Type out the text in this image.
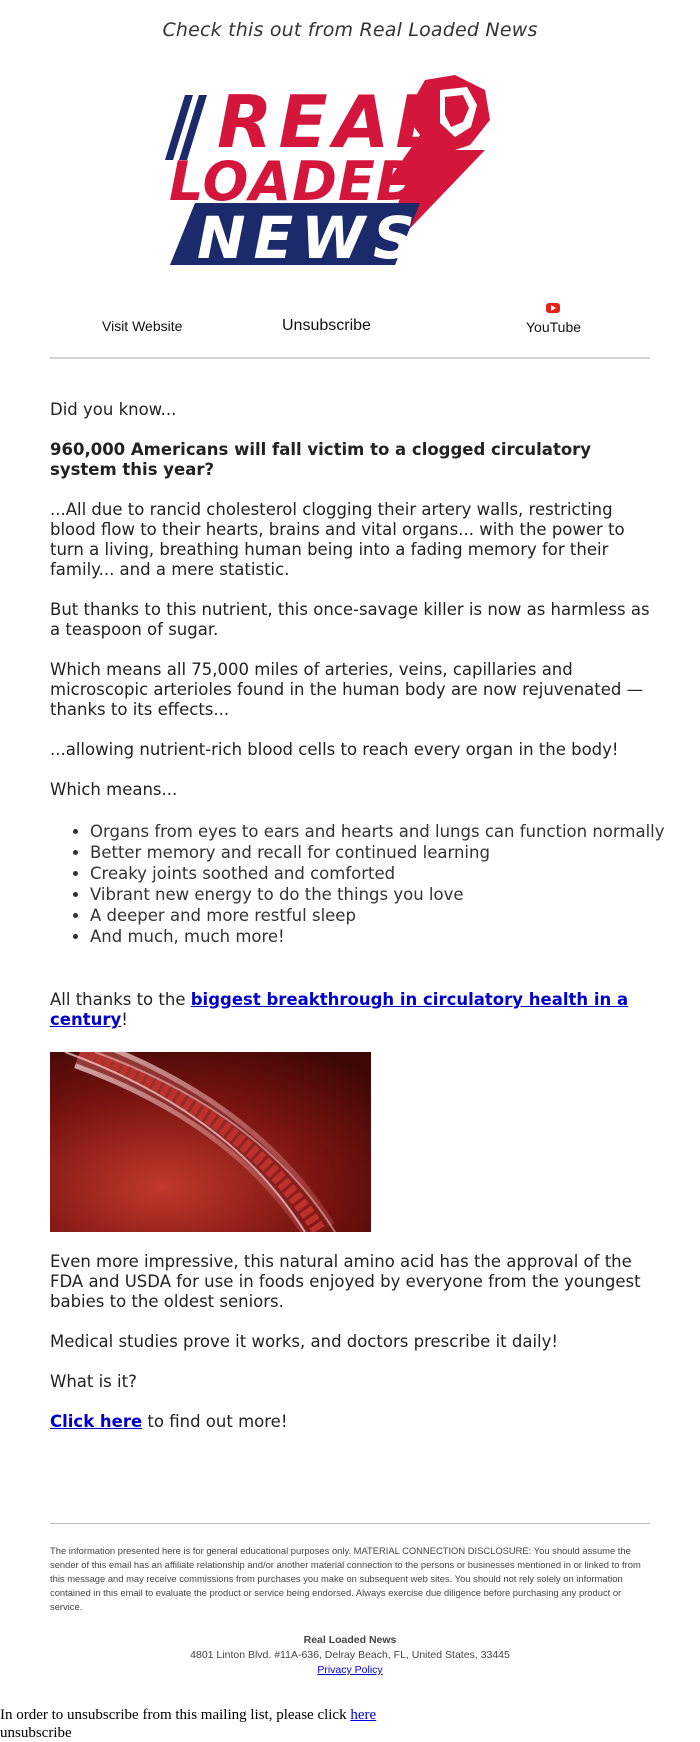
Check this out from Real Loaded News
REAL
LOADED
NEWS
Visit Website	Unsubscribe	YouTube
Did you know...
960,000 Americans will fall victim to a clogged circulatory system this year?
...All due to rancid cholesterol clogging their artery walls, restricting blood flow to their hearts, brains and vital organs... with the power to turn a living, breathing human being into a fading memory for their family... and a mere statistic.
But thanks to this nutrient, this once-savage killer is now as harmless as a teaspoon of sugar.
Which means all 75,000 miles of arteries, veins, capillaries and microscopic arterioles found in the human body are now rejuvenated — thanks to its effects...
...allowing nutrient-rich blood cells to reach every organ in the body!
Which means...
• Organs from eyes to ears and hearts and lungs can function normally
• Better memory and recall for continued learning
• Creaky joints soothed and comforted
• Vibrant new energy to do the things you love
• A deeper and more restful sleep
• And much, much more!
All thanks to the biggest breakthrough in circulatory health in a century!
Even more impressive, this natural amino acid has the approval of the FDA and USDA for use in foods enjoyed by everyone from the youngest babies to the oldest seniors.
Medical studies prove it works, and doctors prescribe it daily!
What is it?
Click here to find out more!
The information presented here is for general educational purposes only. MATERIAL CONNECTION DISCLOSURE: You should assume the sender of this email has an affiliate relationship and/or another material connection to the persons or businesses mentioned in or linked to from this message and may receive commissions from purchases you make on subsequent web sites. You should not rely solely on information contained in this email to evaluate the product or service being endorsed. Always exercise due diligence before purchasing any product or service.
Real Loaded News
4801 Linton Blvd. #11A-636, Delray Beach, FL, United States, 33445
Privacy Policy
In order to unsubscribe from this mailing list, please click here
unsubscribe
